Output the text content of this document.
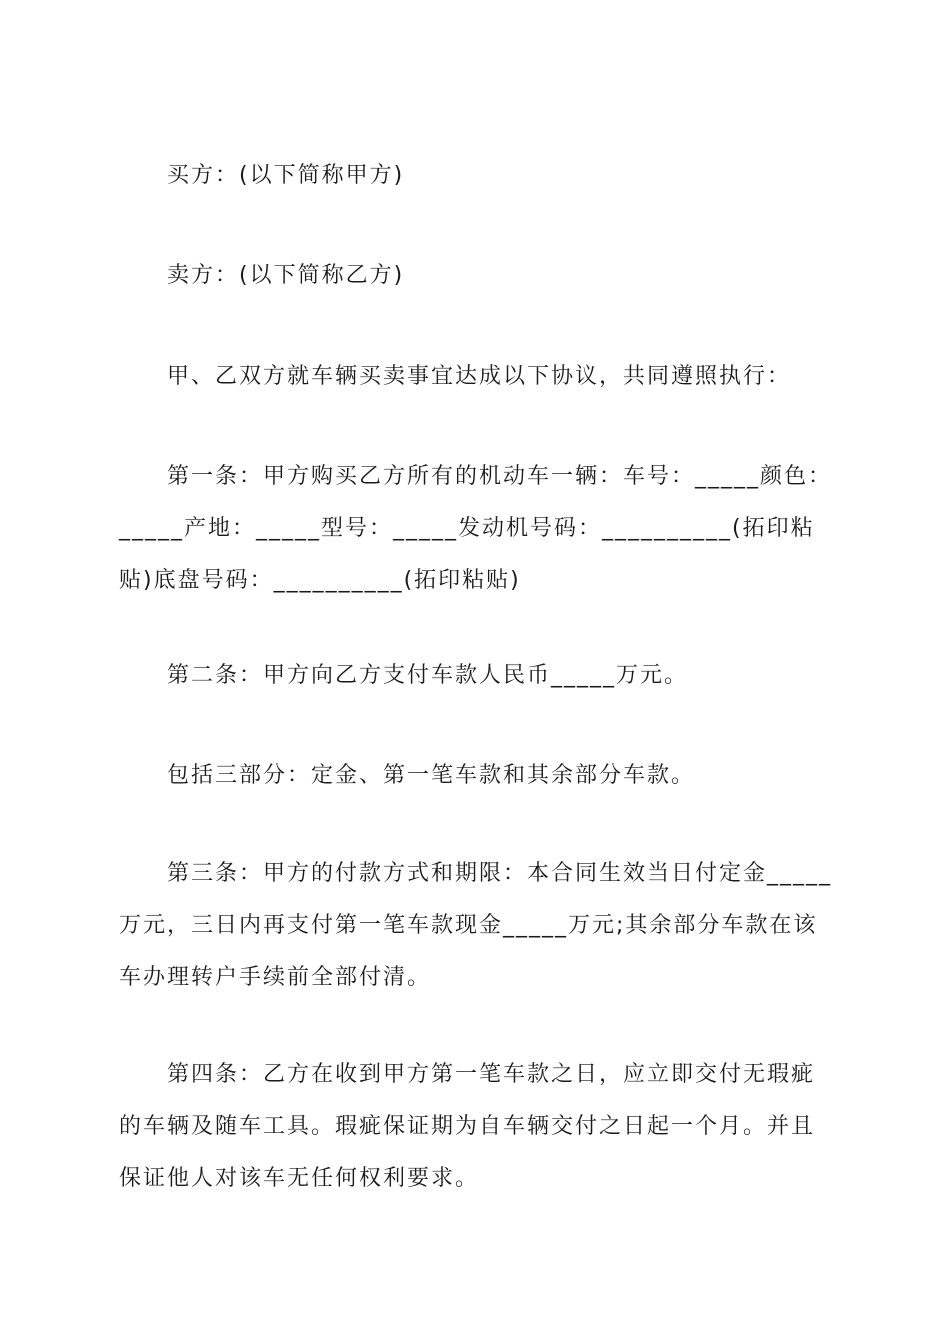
买方：(以下简称甲方)

卖方：(以下简称乙方)

甲、乙双方就车辆买卖事宜达成以下协议，共同遵照执行：

第一条：甲方购买乙方所有的机动车一辆：车号：_____颜色：_____产地：_____型号：_____发动机号码：__________(拓印粘贴)底盘号码：__________(拓印粘贴)

第二条：甲方向乙方支付车款人民币_____万元。

包括三部分：定金、第一笔车款和其余部分车款。

第三条：甲方的付款方式和期限：本合同生效当日付定金_____万元，三日内再支付第一笔车款现金_____万元;其余部分车款在该车办理转户手续前全部付清。

第四条：乙方在收到甲方第一笔车款之日，应立即交付无瑕疵的车辆及随车工具。瑕疵保证期为自车辆交付之日起一个月。并且保证他人对该车无任何权利要求。
